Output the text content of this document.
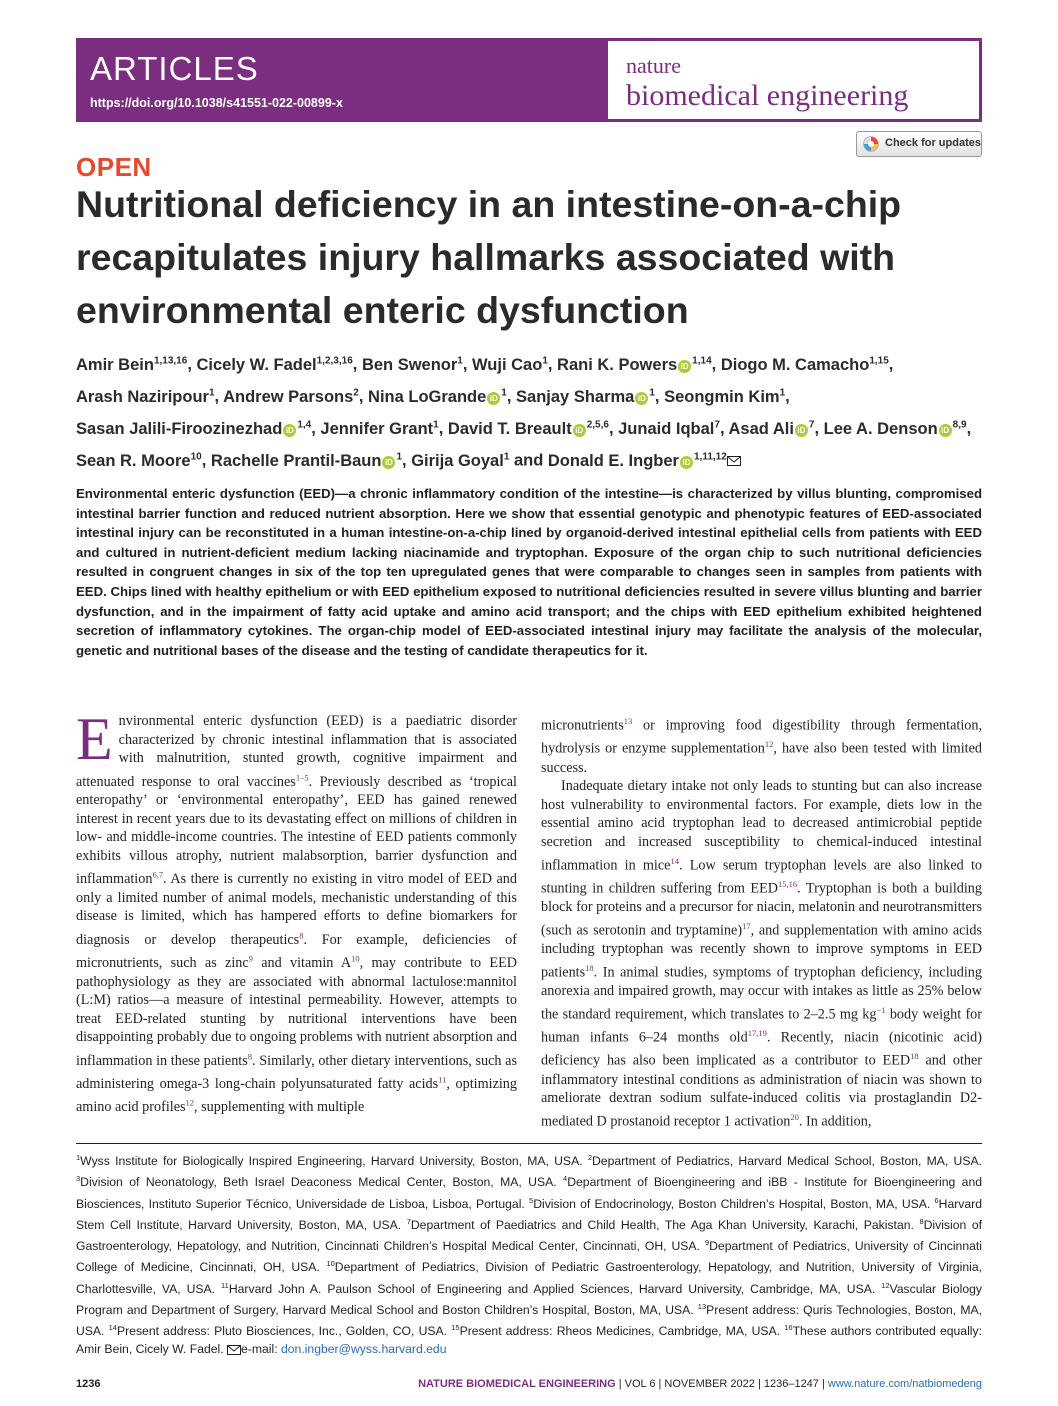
ARTICLES
https://doi.org/10.1038/s41551-022-00899-x
nature
biomedical engineering
Check for updates
OPEN
Nutritional deficiency in an intestine-on-a-chip recapitulates injury hallmarks associated with environmental enteric dysfunction
Amir Bein$^{1,13,16}$, Cicely W. Fadel$^{1,2,3,16}$, Ben Swenor$^1$, Wuji Cao$^1$, Rani K. Powers iD $^{1,14}$, Diogo M. Camacho$^{1,15}$, Arash Naziripour$^1$, Andrew Parsons$^2$, Nina LoGrande iD $^1$, Sanjay Sharma iD $^1$, Seongmin Kim$^1$, Sasan Jalili-Firoozinezhad iD $^{1,4}$, Jennifer Grant$^1$, David T. Breault iD $^{2,5,6}$, Junaid Iqbal$^7$, Asad Ali iD $^7$, Lee A. Denson iD $^{8,9}$, Sean R. Moore$^{10}$, Rachelle Prantil-Baun iD $^1$, Girija Goyal$^1$ and Donald E. Ingber iD $^{1,11,12}$
Environmental enteric dysfunction (EED)—a chronic inflammatory condition of the intestine—is characterized by villus blunting, compromised intestinal barrier function and reduced nutrient absorption. Here we show that essential genotypic and phenotypic features of EED-associated intestinal injury can be reconstituted in a human intestine-on-a-chip lined by organoid-derived intestinal epithelial cells from patients with EED and cultured in nutrient-deficient medium lacking niacinamide and tryptophan. Exposure of the organ chip to such nutritional deficiencies resulted in congruent changes in six of the top ten upregulated genes that were comparable to changes seen in samples from patients with EED. Chips lined with healthy epithelium or with EED epithelium exposed to nutritional deficiencies resulted in severe villus blunting and barrier dysfunction, and in the impairment of fatty acid uptake and amino acid transport; and the chips with EED epithelium exhibited heightened secretion of inflammatory cytokines. The organ-chip model of EED-associated intestinal injury may facilitate the analysis of the molecular, genetic and nutritional bases of the disease and the testing of candidate therapeutics for it.

Environmental enteric dysfunction (EED) is a paediatric disorder characterized by chronic intestinal inflammation that is associated with malnutrition, stunted growth, cognitive impairment and attenuated response to oral vaccines$^{1-5}$. Previously described as ‘tropical enteropathy’ or ‘environmental enteropathy’, EED has gained renewed interest in recent years due to its devastating effect on millions of children in low- and middle-income countries. The intestine of EED patients commonly exhibits villous atrophy, nutrient malabsorption, barrier dysfunction and inflammation$^{6,7}$. As there is currently no existing in vitro model of EED and only a limited number of animal models, mechanistic understanding of this disease is limited, which has hampered efforts to define biomarkers for diagnosis or develop therapeutics$^8$. For example, deficiencies of micronutrients, such as zinc$^9$ and vitamin $A^{10}$, may contribute to EED pathophysiology as they are associated with abnormal lactulose:mannitol (L:M) ratios—a measure of intestinal permeability. However, attempts to treat EED-related stunting by nutritional interventions have been disappointing probably due to ongoing problems with nutrient absorption and inflammation in these patients$^8$. Similarly, other dietary interventions, such as administering omega-3 long-chain polyunsaturated fatty acids$^{11}$, optimizing amino acid profiles$^{12}$, supplementing with multiple

micronutrients$^{13}$ or improving food digestibility through fermentation, hydrolysis or enzyme supplementation$^{12}$, have also been tested with limited success.

Inadequate dietary intake not only leads to stunting but can also increase host vulnerability to environmental factors. For example, diets low in the essential amino acid tryptophan lead to decreased antimicrobial peptide secretion and increased susceptibility to chemical-induced intestinal inflammation in mice$^{14}$. Low serum tryptophan levels are also linked to stunting in children suffering from EED$^{15,16}$. Tryptophan is both a building block for proteins and a precursor for niacin, melatonin and neurotransmitters (such as serotonin and tryptamine)$^{17}$, and supplementation with amino acids including tryptophan was recently shown to improve symptoms in EED patients$^{18}$. In animal studies, symptoms of tryptophan deficiency, including anorexia and impaired growth, may occur with intakes as little as 25% below the standard requirement, which translates to 2–2.5 mg $kg^{-1}$ body weight for human infants 6–24 months old$^{17,19}$. Recently, niacin (nicotinic acid) deficiency has also been implicated as a contributor to EED$^{18}$ and other inflammatory intestinal conditions as administration of niacin was shown to ameliorate dextran sodium sulfate-induced colitis via prostaglandin D2-mediated D prostanoid receptor 1 activation$^{20}$. In addition,

$^1$Wyss Institute for Biologically Inspired Engineering, Harvard University, Boston, MA, USA. $^2$Department of Pediatrics, Harvard Medical School, Boston, MA, USA. $^3$Division of Neonatology, Beth Israel Deaconess Medical Center, Boston, MA, USA. $^4$Department of Bioengineering and iBB - Institute for Bioengineering and Biosciences, Instituto Superior Técnico, Universidade de Lisboa, Lisboa, Portugal. $^5$Division of Endocrinology, Boston Children’s Hospital, Boston, MA, USA. $^6$Harvard Stem Cell Institute, Harvard University, Boston, MA, USA. $^7$Department of Paediatrics and Child Health, The Aga Khan University, Karachi, Pakistan. $^8$Division of Gastroenterology, Hepatology, and Nutrition, Cincinnati Children’s Hospital Medical Center, Cincinnati, OH, USA. $^9$Department of Pediatrics, University of Cincinnati College of Medicine, Cincinnati, OH, USA. $^{10}$Department of Pediatrics, Division of Pediatric Gastroenterology, Hepatology, and Nutrition, University of Virginia, Charlottesville, VA, USA. $^{11}$Harvard John A. Paulson School of Engineering and Applied Sciences, Harvard University, Cambridge, MA, USA. $^{12}$Vascular Biology Program and Department of Surgery, Harvard Medical School and Boston Children’s Hospital, Boston, MA, USA. $^{13}$Present address: Quris Technologies, Boston, MA, USA. $^{14}$Present address: Pluto Biosciences, Inc., Golden, CO, USA. $^{15}$Present address: Rheos Medicines, Cambridge, MA, USA. $^{16}$These authors contributed equally: Amir Bein, Cicely W. Fadel. e-mail: don.ingber@wyss.harvard.edu
1236	NATURE BIOMEDICAL ENGINEERING | VOL 6 | NOVEMBER 2022 | 1236–1247 | www.nature.com/natbiomedeng
